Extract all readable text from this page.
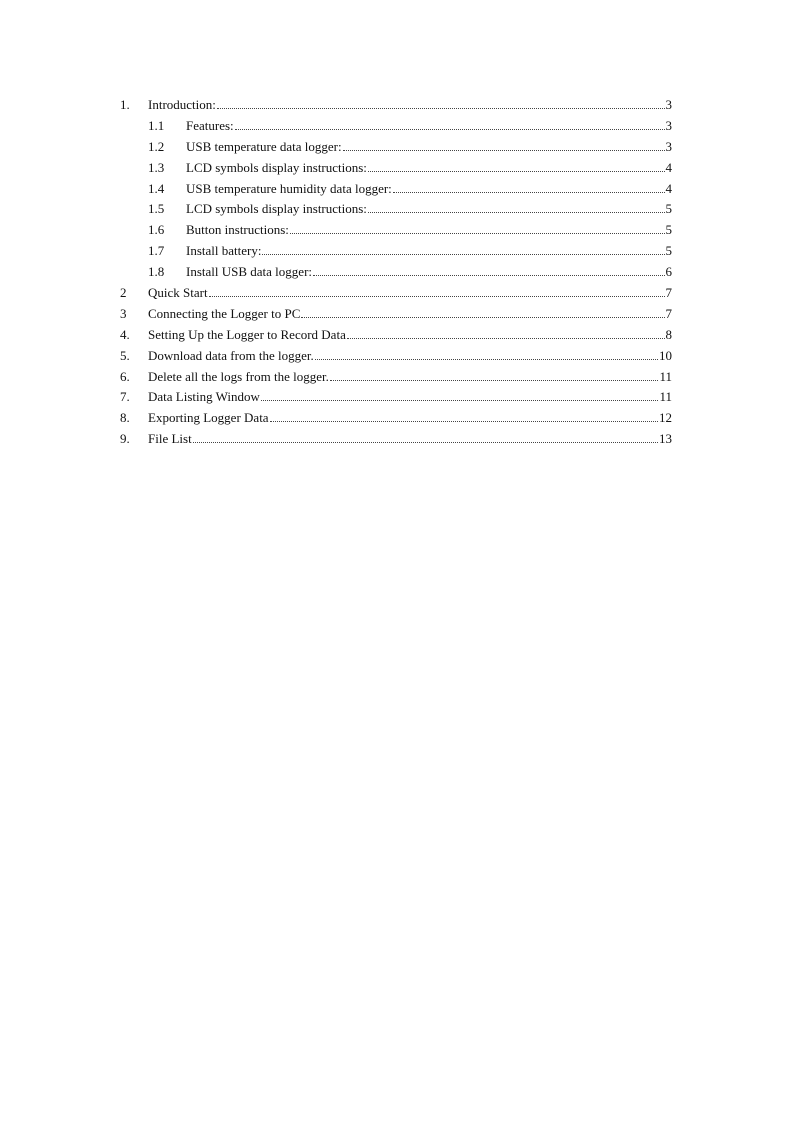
1. Introduction:	3
1.1 Features:	3
1.2 USB temperature data logger:	3
1.3 LCD symbols display instructions:	4
1.4 USB temperature humidity data logger:	4
1.5 LCD symbols display instructions:	5
1.6 Button instructions:	5
1.7 Install battery:	5
1.8 Install USB data logger:	6
2 Quick Start	7
3 Connecting the Logger to PC	7
4. Setting Up the Logger to Record Data	8
5. Download data from the logger.	10
6. Delete all the logs from the logger.	11
7. Data Listing Window	11
8. Exporting Logger Data	12
9. File List	13
